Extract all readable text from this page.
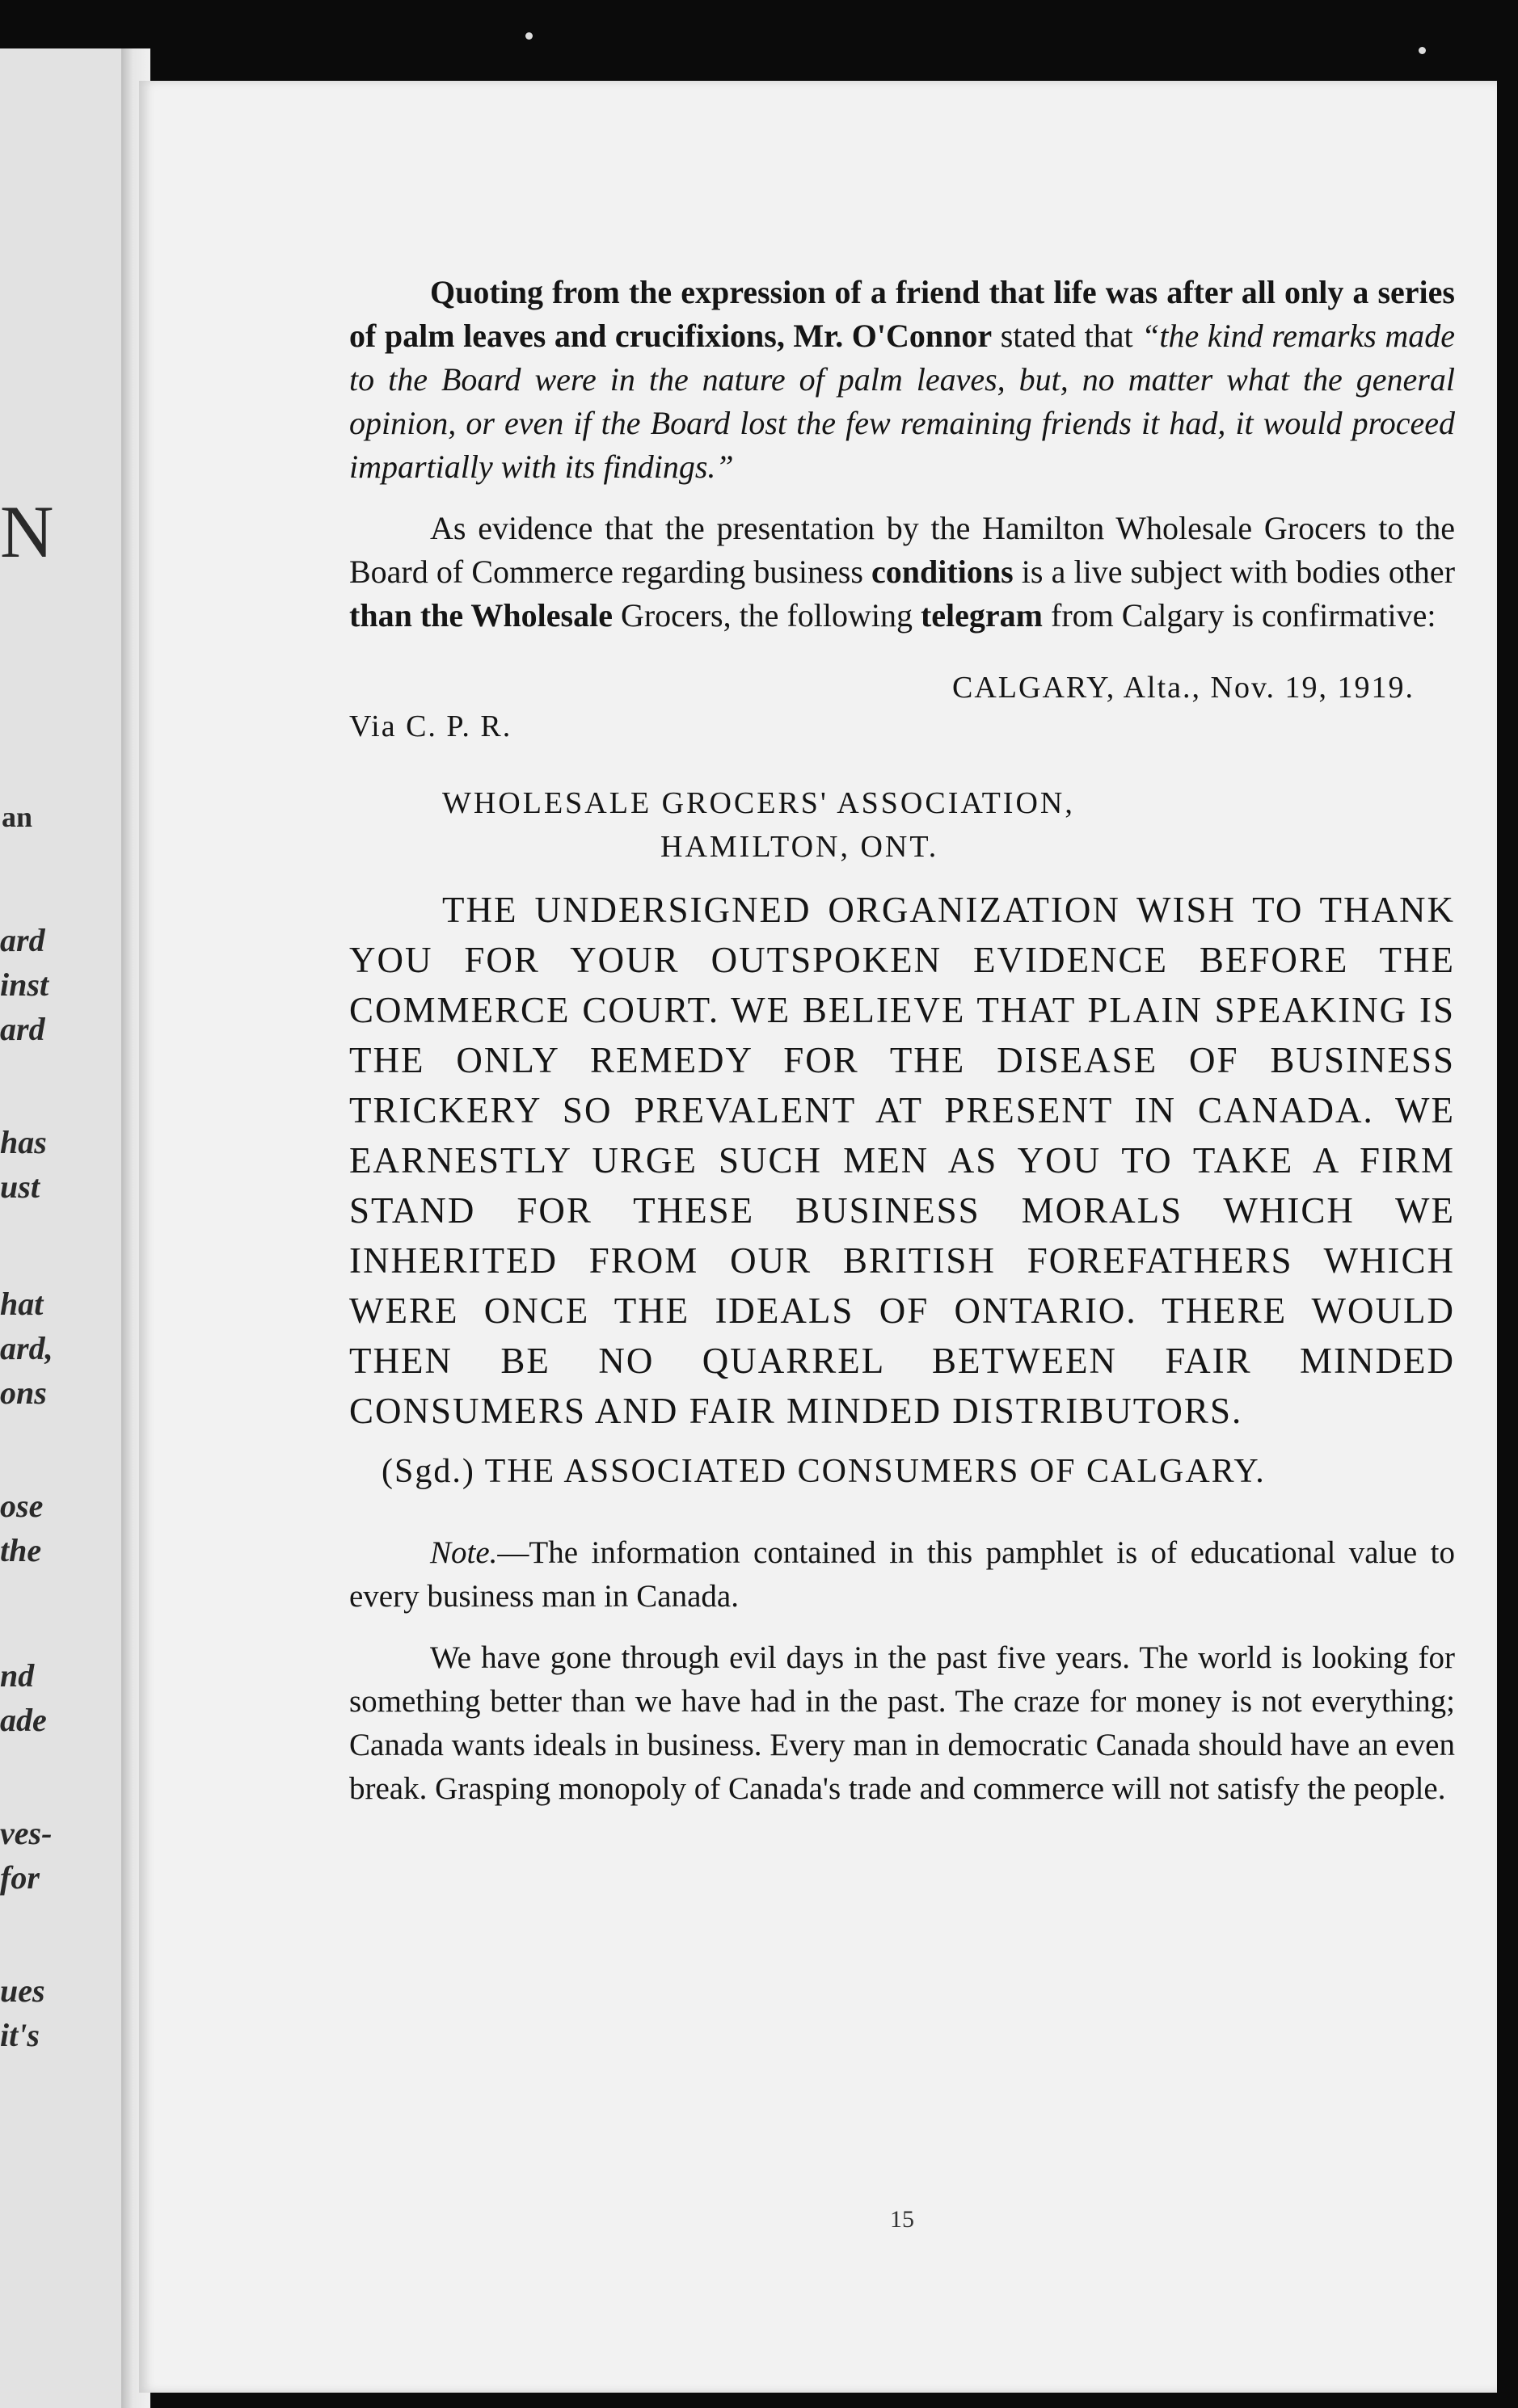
N
an
ard
inst
ard
has
ust
hat
ard,
ons
ose
the
nd
ade
ves-
for
ues
it's

Quoting from the expression of a friend that life was after all only a series of palm leaves and crucifixions, Mr. O'Connor stated that “the kind remarks made to the Board were in the nature of palm leaves, but, no matter what the general opinion, or even if the Board lost the few remaining friends it had, it would proceed impartially with its findings.”

As evidence that the presentation by the Hamilton Wholesale Grocers to the Board of Commerce regarding business conditions is a live subject with bodies other than the Wholesale Grocers, the following telegram from Calgary is confirmative:

CALGARY, Alta., Nov. 19, 1919.
Via C. P. R.
WHOLESALE GROCERS' ASSOCIATION,
HAMILTON, ONT.

THE UNDERSIGNED ORGANIZATION WISH TO THANK YOU FOR YOUR OUTSPOKEN EVIDENCE BEFORE THE COMMERCE COURT. WE BELIEVE THAT PLAIN SPEAKING IS THE ONLY REMEDY FOR THE DISEASE OF BUSINESS TRICKERY SO PREVALENT AT PRESENT IN CANADA. WE EARNESTLY URGE SUCH MEN AS YOU TO TAKE A FIRM STAND FOR THESE BUSINESS MORALS WHICH WE INHERITED FROM OUR BRITISH FOREFATHERS WHICH WERE ONCE THE IDEALS OF ONTARIO. THERE WOULD THEN BE NO QUARREL BETWEEN FAIR MINDED CONSUMERS AND FAIR MINDED DISTRIBUTORS.

(Sgd.) THE ASSOCIATED CONSUMERS OF CALGARY.

Note.—The information contained in this pamphlet is of educational value to every business man in Canada.

We have gone through evil days in the past five years. The world is looking for something better than we have had in the past. The craze for money is not everything; Canada wants ideals in business. Every man in democratic Canada should have an even break. Grasping monopoly of Canada's trade and commerce will not satisfy the people.

15
